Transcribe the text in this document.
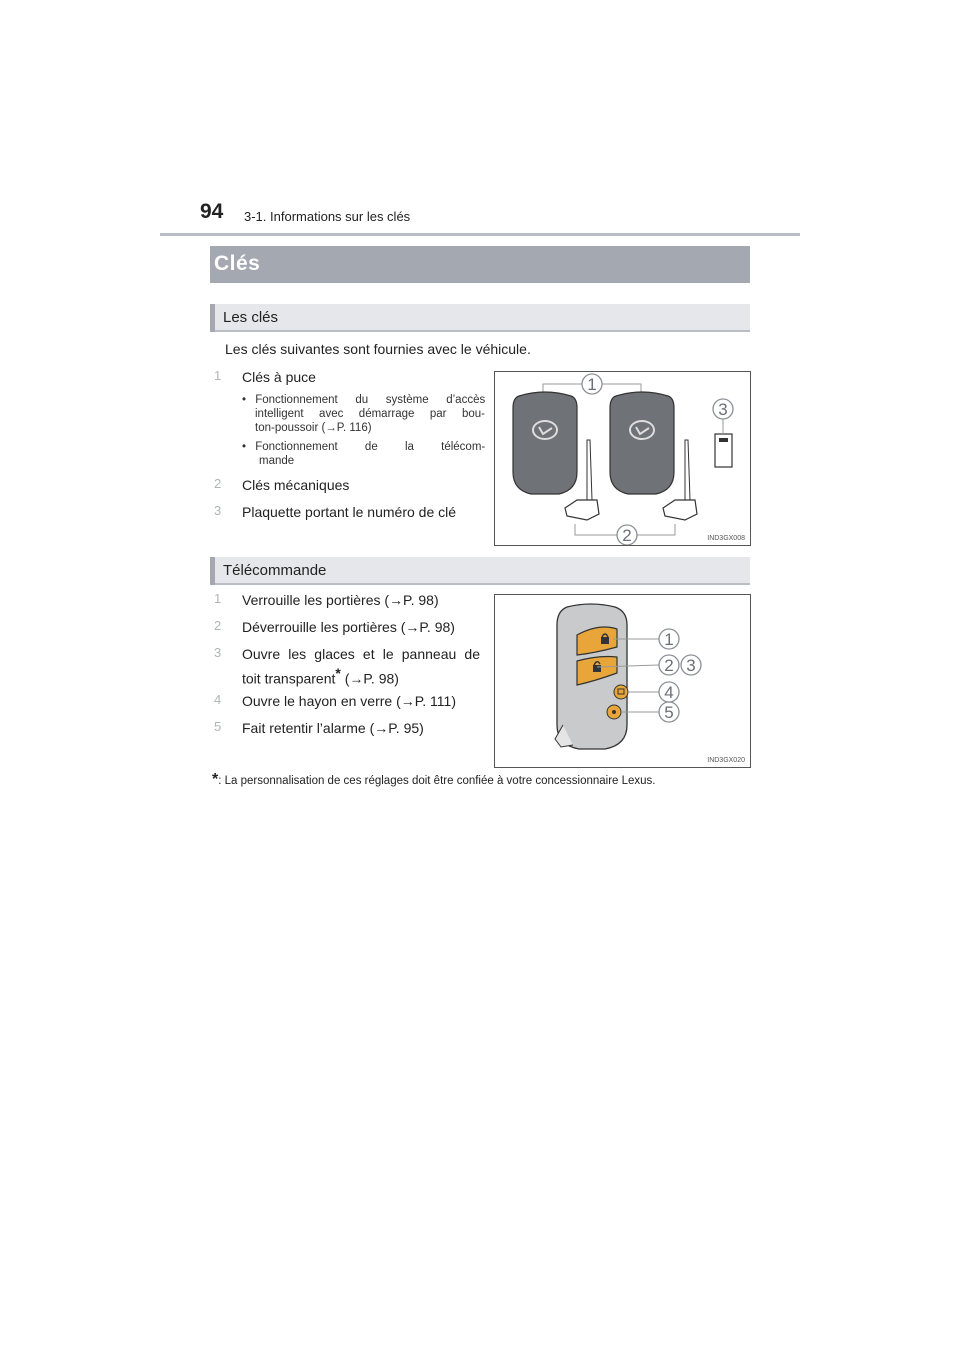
94 3-1. Informations sur les clés
Clés
Les clés
Les clés suivantes sont fournies avec le véhicule.
1 Clés à puce
• Fonctionnement du système d’accès
intelligent avec démarrage par bou-
ton-poussoir (→P. 116)
• Fonctionnement de la télécom-
mande
2 Clés mécaniques
3 Plaquette portant le numéro de clé
1
2
3
IND3GX008
Télécommande
1 Verrouille les portières (→P. 98)
2 Déverrouille les portières (→P. 98)
3 Ouvre les glaces et le panneau de
toit transparent* (→P. 98)
4 Ouvre le hayon en verre (→P. 111)
5 Fait retentir l’alarme (→P. 95)
1
2 3
4
5
IND3GX020
*: La personnalisation de ces réglages doit être confiée à votre concessionnaire Lexus.
